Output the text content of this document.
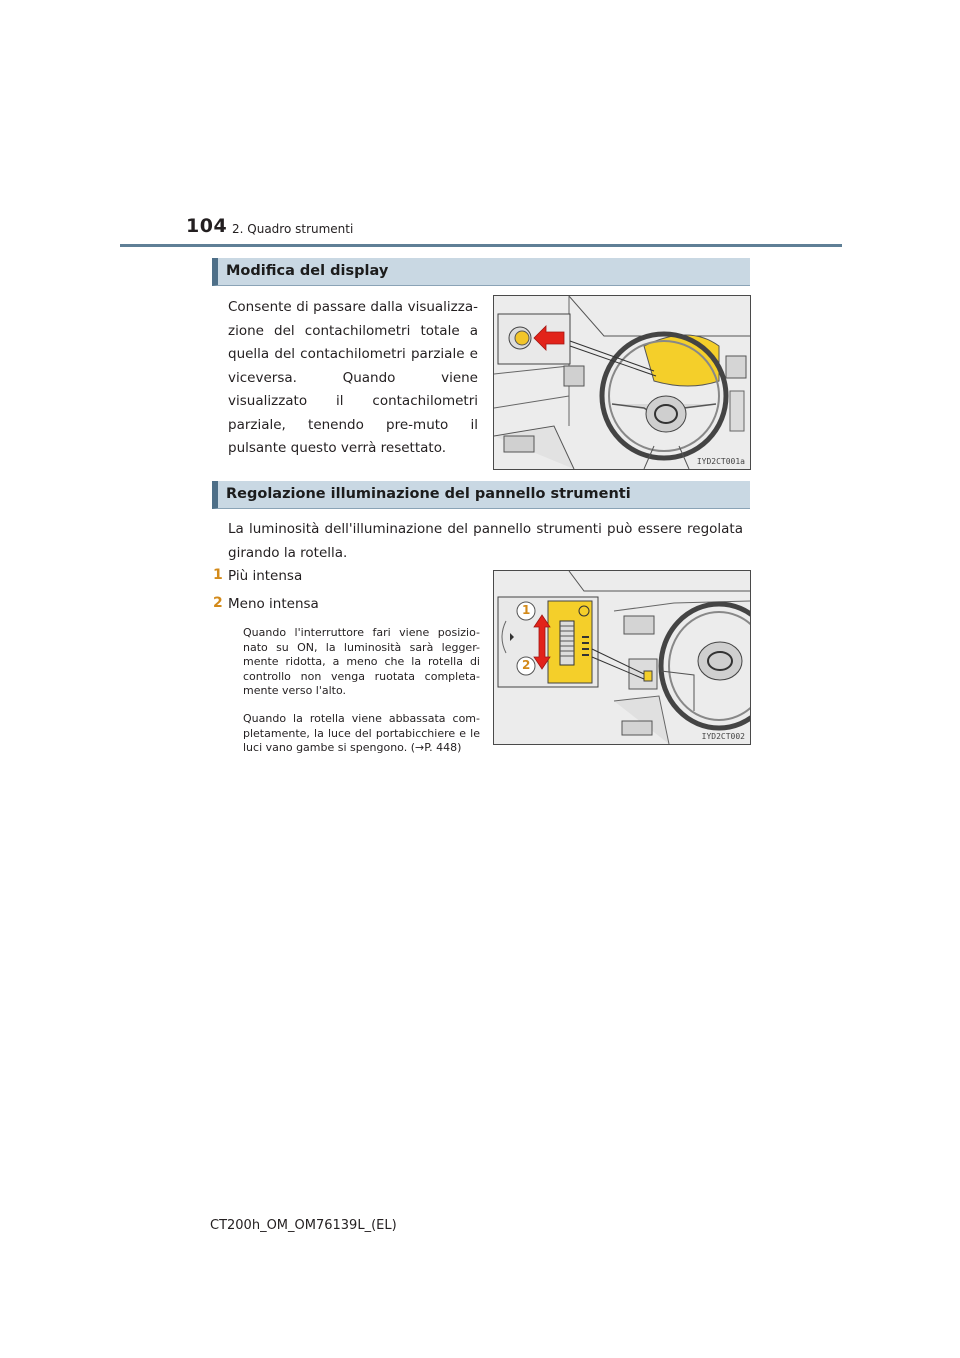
104 2. Quadro strumenti
Modifica del display
Consente di passare dalla visualizza-zione del contachilometri totale a quella del contachilometri parziale e viceversa. Quando viene visualizzato il contachilometri parziale, tenendo pre-muto il pulsante questo verrà resettato.
IYD2CT001a
Regolazione illuminazione del pannello strumenti
La luminosità dell'illuminazione del pannello strumenti può essere regolata girando la rotella.
1 Più intensa
2 Meno intensa
Quando l'interruttore fari viene posizio-nato su ON, la luminosità sarà legger-mente ridotta, a meno che la rotella di controllo non venga ruotata completa-mente verso l'alto.
Quando la rotella viene abbassata com-pletamente, la luce del portabicchiere e le luci vano gambe si spengono. (→P. 448)
1
2
IYD2CT002
CT200h_OM_OM76139L_(EL)
